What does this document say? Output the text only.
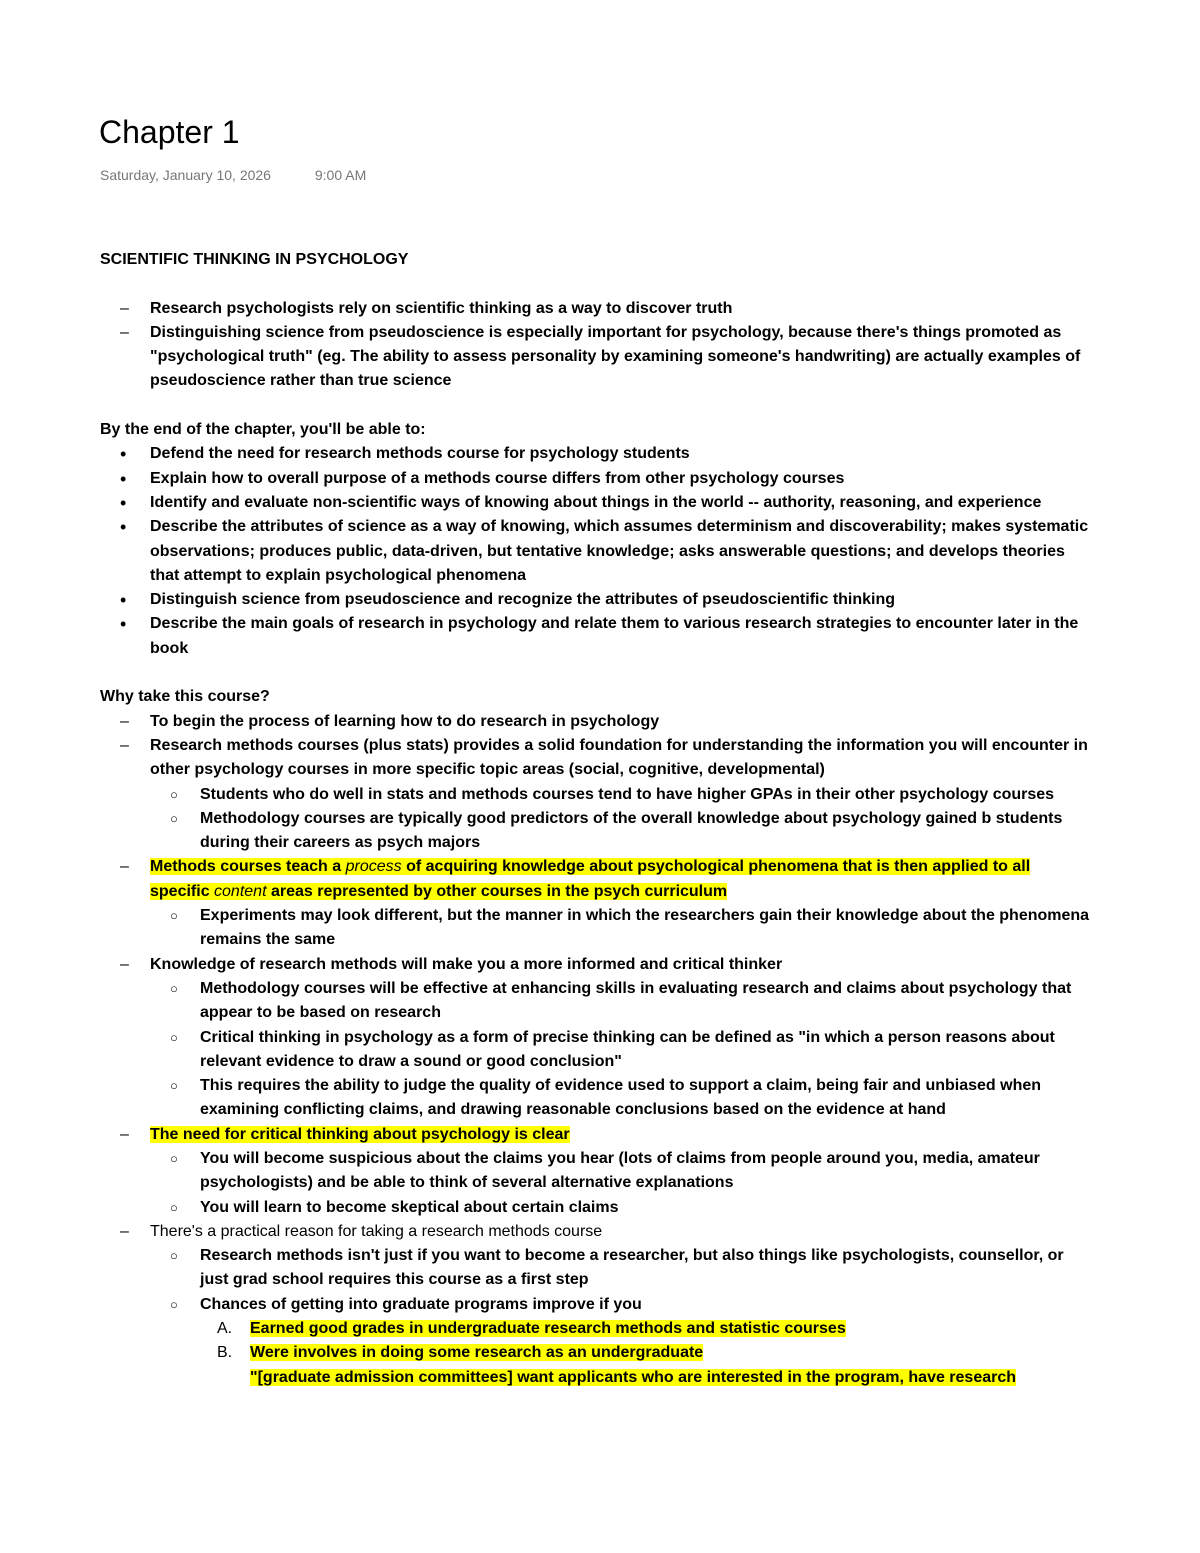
Chapter 1
Saturday, January 10, 2026	9:00 AM

SCIENTIFIC THINKING IN PSYCHOLOGY

–
Research psychologists rely on scientific thinking as a way to discover truth
–
Distinguishing science from pseudoscience is especially important for psychology, because there's things promoted as "psychological truth" (eg. The ability to assess personality by examining someone's handwriting) are actually examples of pseudoscience rather than true science

By the end of the chapter, you'll be able to:

•
Defend the need for research methods course for psychology students
•
Explain how to overall purpose of a methods course differs from other psychology courses
•
Identify and evaluate non-scientific ways of knowing about things in the world -- authority, reasoning, and experience
•
Describe the attributes of science as a way of knowing, which assumes determinism and discoverability; makes systematic observations; produces public, data-driven, but tentative knowledge; asks answerable questions; and develops theories that attempt to explain psychological phenomena
•
Distinguish science from pseudoscience and recognize the attributes of pseudoscientific thinking
•
Describe the main goals of research in psychology and relate them to various research strategies to encounter later in the book

Why take this course?

–
To begin the process of learning how to do research in psychology
–
Research methods courses (plus stats) provides a solid foundation for understanding the information you will encounter in other psychology courses in more specific topic areas (social, cognitive, developmental)
○
Students who do well in stats and methods courses tend to have higher GPAs in their other psychology courses
○
Methodology courses are typically good predictors of the overall knowledge about psychology gained b students during their careers as psych majors
–
Methods courses teach a process of acquiring knowledge about psychological phenomena that is then applied to all specific content areas represented by other courses in the psych curriculum
○
Experiments may look different, but the manner in which the researchers gain their knowledge about the phenomena remains the same
–
Knowledge of research methods will make you a more informed and critical thinker
○
Methodology courses will be effective at enhancing skills in evaluating research and claims about psychology that appear to be based on research
○
Critical thinking in psychology as a form of precise thinking can be defined as "in which a person reasons about relevant evidence to draw a sound or good conclusion"
○
This requires the ability to judge the quality of evidence used to support a claim, being fair and unbiased when examining conflicting claims, and drawing reasonable conclusions based on the evidence at hand
–
The need for critical thinking about psychology is clear
○
You will become suspicious about the claims you hear (lots of claims from people around you, media, amateur psychologists) and be able to think of several alternative explanations
○
You will learn to become skeptical about certain claims
–
There's a practical reason for taking a research methods course
○
Research methods isn't just if you want to become a researcher, but also things like psychologists, counsellor, or just grad school requires this course as a first step
○
Chances of getting into graduate programs improve if you
A. Earned good grades in undergraduate research methods and statistic courses
B. Were involves in doing some research as an undergraduate
"[graduate admission committees] want applicants who are interested in the program, have research
